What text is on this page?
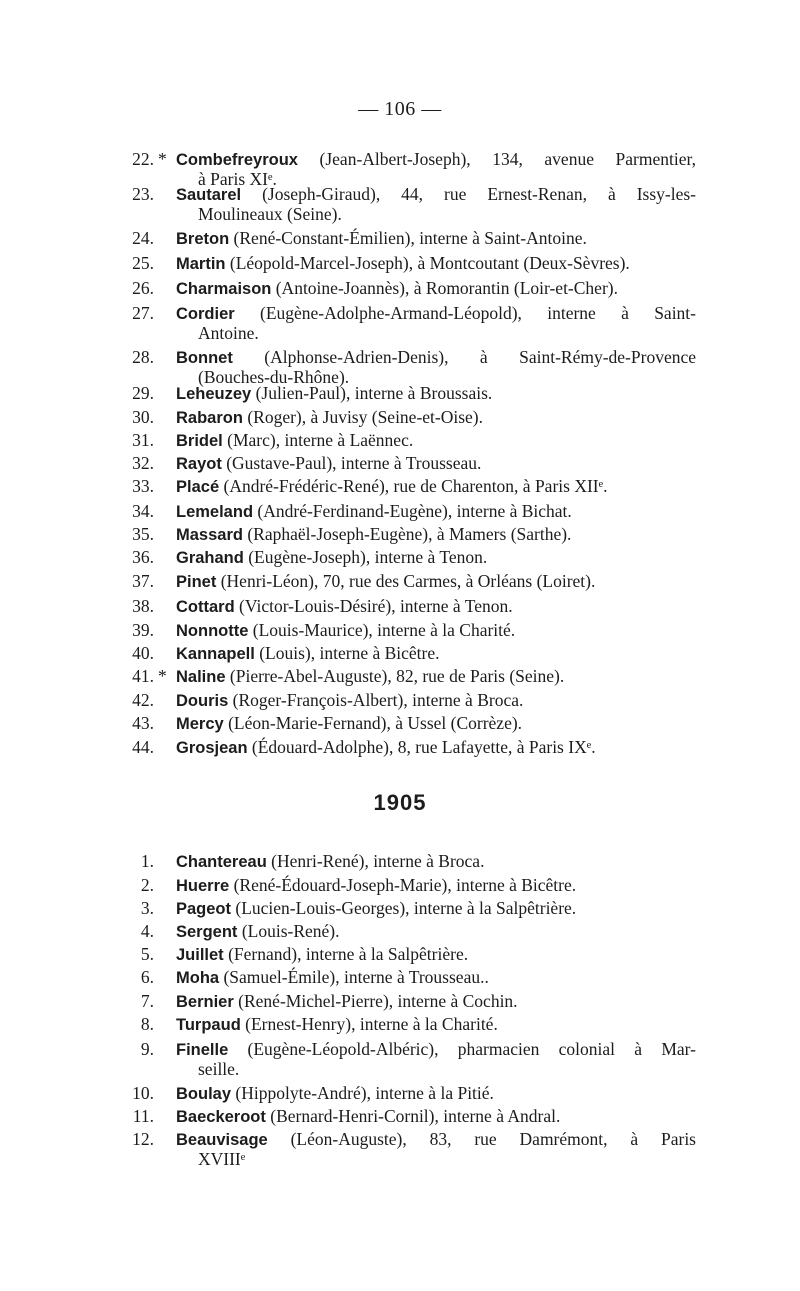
— 106 —
22. * Combefreyroux (Jean-Albert-Joseph), 134, avenue Parmentier,
à Paris XIᵉ.
23. Sautarel (Joseph-Giraud), 44, rue Ernest-Renan, à Issy-les-
Moulineaux (Seine).
24. Breton (René-Constant-Émilien), interne à Saint-Antoine.
25. Martin (Léopold-Marcel-Joseph), à Montcoutant (Deux-Sèvres).
26. Charmaison (Antoine-Joannès), à Romorantin (Loir-et-Cher).
27. Cordier (Eugène-Adolphe-Armand-Léopold), interne à Saint-
Antoine.
28. Bonnet (Alphonse-Adrien-Denis), à Saint-Rémy-de-Provence
(Bouches-du-Rhône).
29. Leheuzey (Julien-Paul), interne à Broussais.
30. Rabaron (Roger), à Juvisy (Seine-et-Oise).
31. Bridel (Marc), interne à Laënnec.
32. Rayot (Gustave-Paul), interne à Trousseau.
33. Placé (André-Frédéric-René), rue de Charenton, à Paris XIIᵉ.
34. Lemeland (André-Ferdinand-Eugène), interne à Bichat.
35. Massard (Raphaël-Joseph-Eugène), à Mamers (Sarthe).
36. Grahand (Eugène-Joseph), interne à Tenon.
37. Pinet (Henri-Léon), 70, rue des Carmes, à Orléans (Loiret).
38. Cottard (Victor-Louis-Désiré), interne à Tenon.
39. Nonnotte (Louis-Maurice), interne à la Charité.
40. Kannapell (Louis), interne à Bicêtre.
41. * Naline (Pierre-Abel-Auguste), 82, rue de Paris (Seine).
42. Douris (Roger-François-Albert), interne à Broca.
43. Mercy (Léon-Marie-Fernand), à Ussel (Corrèze).
44. Grosjean (Édouard-Adolphe), 8, rue Lafayette, à Paris IXᵉ.
1905
1. Chantereau (Henri-René), interne à Broca.
2. Huerre (René-Édouard-Joseph-Marie), interne à Bicêtre.
3. Pageot (Lucien-Louis-Georges), interne à la Salpêtrière.
4. Sergent (Louis-René).
5. Juillet (Fernand), interne à la Salpêtrière.
6. Moha (Samuel-Émile), interne à Trousseau..
7. Bernier (René-Michel-Pierre), interne à Cochin.
8. Turpaud (Ernest-Henry), interne à la Charité.
9. Finelle (Eugène-Léopold-Albéric), pharmacien colonial à Mar-
seille.
10. Boulay (Hippolyte-André), interne à la Pitié.
11. Baeckeroot (Bernard-Henri-Cornil), interne à Andral.
12. Beauvisage (Léon-Auguste), 83, rue Damrémont, à Paris
XVIIIᵉ
